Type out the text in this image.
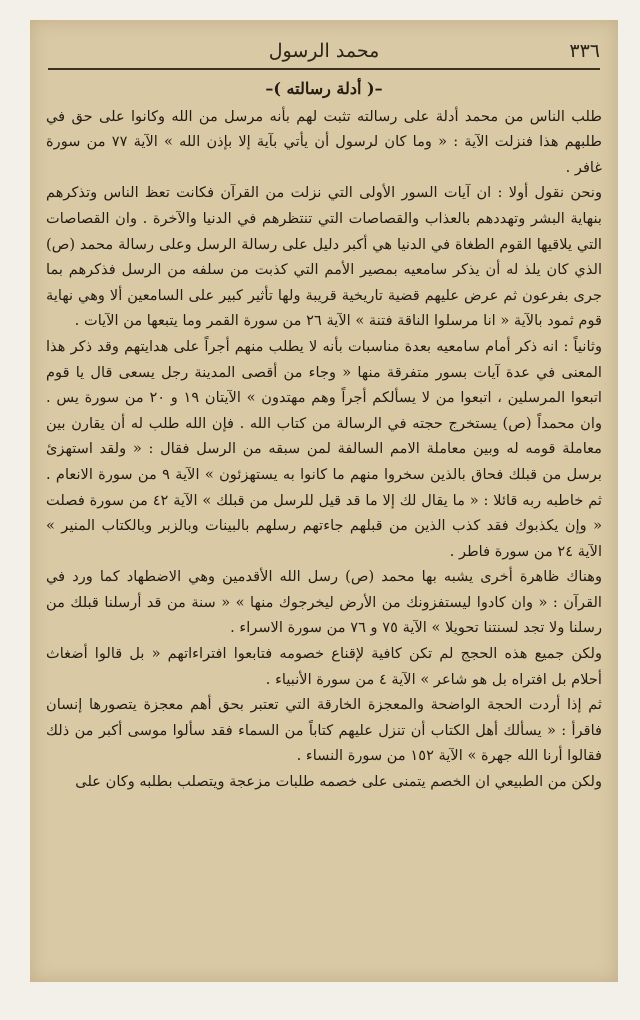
٣٣٦
محمد الرسول
–( أدلة رسالته )–

طلب الناس من محمد أدلة على رسالته تثبت لهم بأنه مرسل من الله وكانوا على حق في طلبهم هذا فنزلت الآية : « وما كان لرسول أن يأتي بآية إلا بإذن الله » الآية ٧٧ من سورة غافر .

ونحن نقول أولا : ان آيات السور الأولى التي نزلت من القرآن فكانت تعظ الناس وتذكرهم بنهاية البشر وتهددهم بالعذاب والقصاصات التي تنتظرهم في الدنيا والآخرة . وان القصاصات التي يلاقيها القوم الطغاة في الدنيا هي أكبر دليل على رسالة الرسل وعلى رسالة محمد (ص) الذي كان يلذ له أن يذكر سامعيه بمصير الأمم التي كذبت من سلفه من الرسل فذكرهم بما جرى بفرعون ثم عرض عليهم قضية تاريخية قريبة ولها تأثير كبير على السامعين ألا وهي نهاية قوم ثمود بالآية « انا مرسلوا الناقة فتنة » الآية ٢٦ من سورة القمر وما يتبعها من الآيات .

وثانياً : انه ذكر أمام سامعيه بعدة مناسبات بأنه لا يطلب منهم أجراً على هدايتهم وقد ذكر هذا المعنى في عدة آيات بسور متفرقة منها « وجاء من أقصى المدينة رجل يسعى قال يا قوم اتبعوا المرسلين ، اتبعوا من لا يسألكم أجراً وهم مهتدون » الآيتان ١٩ و ٢٠ من سورة يس . وان محمداً (ص) يستخرج حجته في الرسالة من كتاب الله . فإن الله طلب له أن يقارن بين معاملة قومه له وبين معاملة الامم السالفة لمن سبقه من الرسل فقال : « ولقد استهزئ برسل من قبلك فحاق بالذين سخروا منهم ما كانوا به يستهزئون » الآية ٩ من سورة الانعام . ثم خاطبه ربه قائلا : « ما يقال لك إلا ما قد قيل للرسل من قبلك » الآية ٤٢ من سورة فصلت « وإن يكذبوك فقد كذب الذين من قبلهم جاءتهم رسلهم بالبينات وبالزبر وبالكتاب المنير » الآية ٢٤ من سورة فاطر .

وهناك ظاهرة أخرى يشبه بها محمد (ص) رسل الله الأقدمين وهي الاضطهاد كما ورد في القرآن : « وان كادوا ليستفزونك من الأرض ليخرجوك منها » « سنة من قد أرسلنا قبلك من رسلنا ولا تجد لسنتنا تحويلا » الآية ٧٥ و ٧٦ من سورة الاسراء .

ولكن جميع هذه الحجج لم تكن كافية لإقناع خصومه فتابعوا افتراءاتهم « بل قالوا أضغاث أحلام بل افتراه بل هو شاعر » الآية ٤ من سورة الأنبياء .

ثم إذا أردت الحجة الواضحة والمعجزة الخارقة التي تعتبر بحق أهم معجزة يتصورها إنسان فاقرأ : « يسألك أهل الكتاب أن تنزل عليهم كتاباً من السماء فقد سألوا موسى أكبر من ذلك فقالوا أرنا الله جهرة » الآية ١٥٢ من سورة النساء .

ولكن من الطبيعي ان الخصم يتمنى على خصمه طلبات مزعجة ويتصلب بطلبه وكان على
